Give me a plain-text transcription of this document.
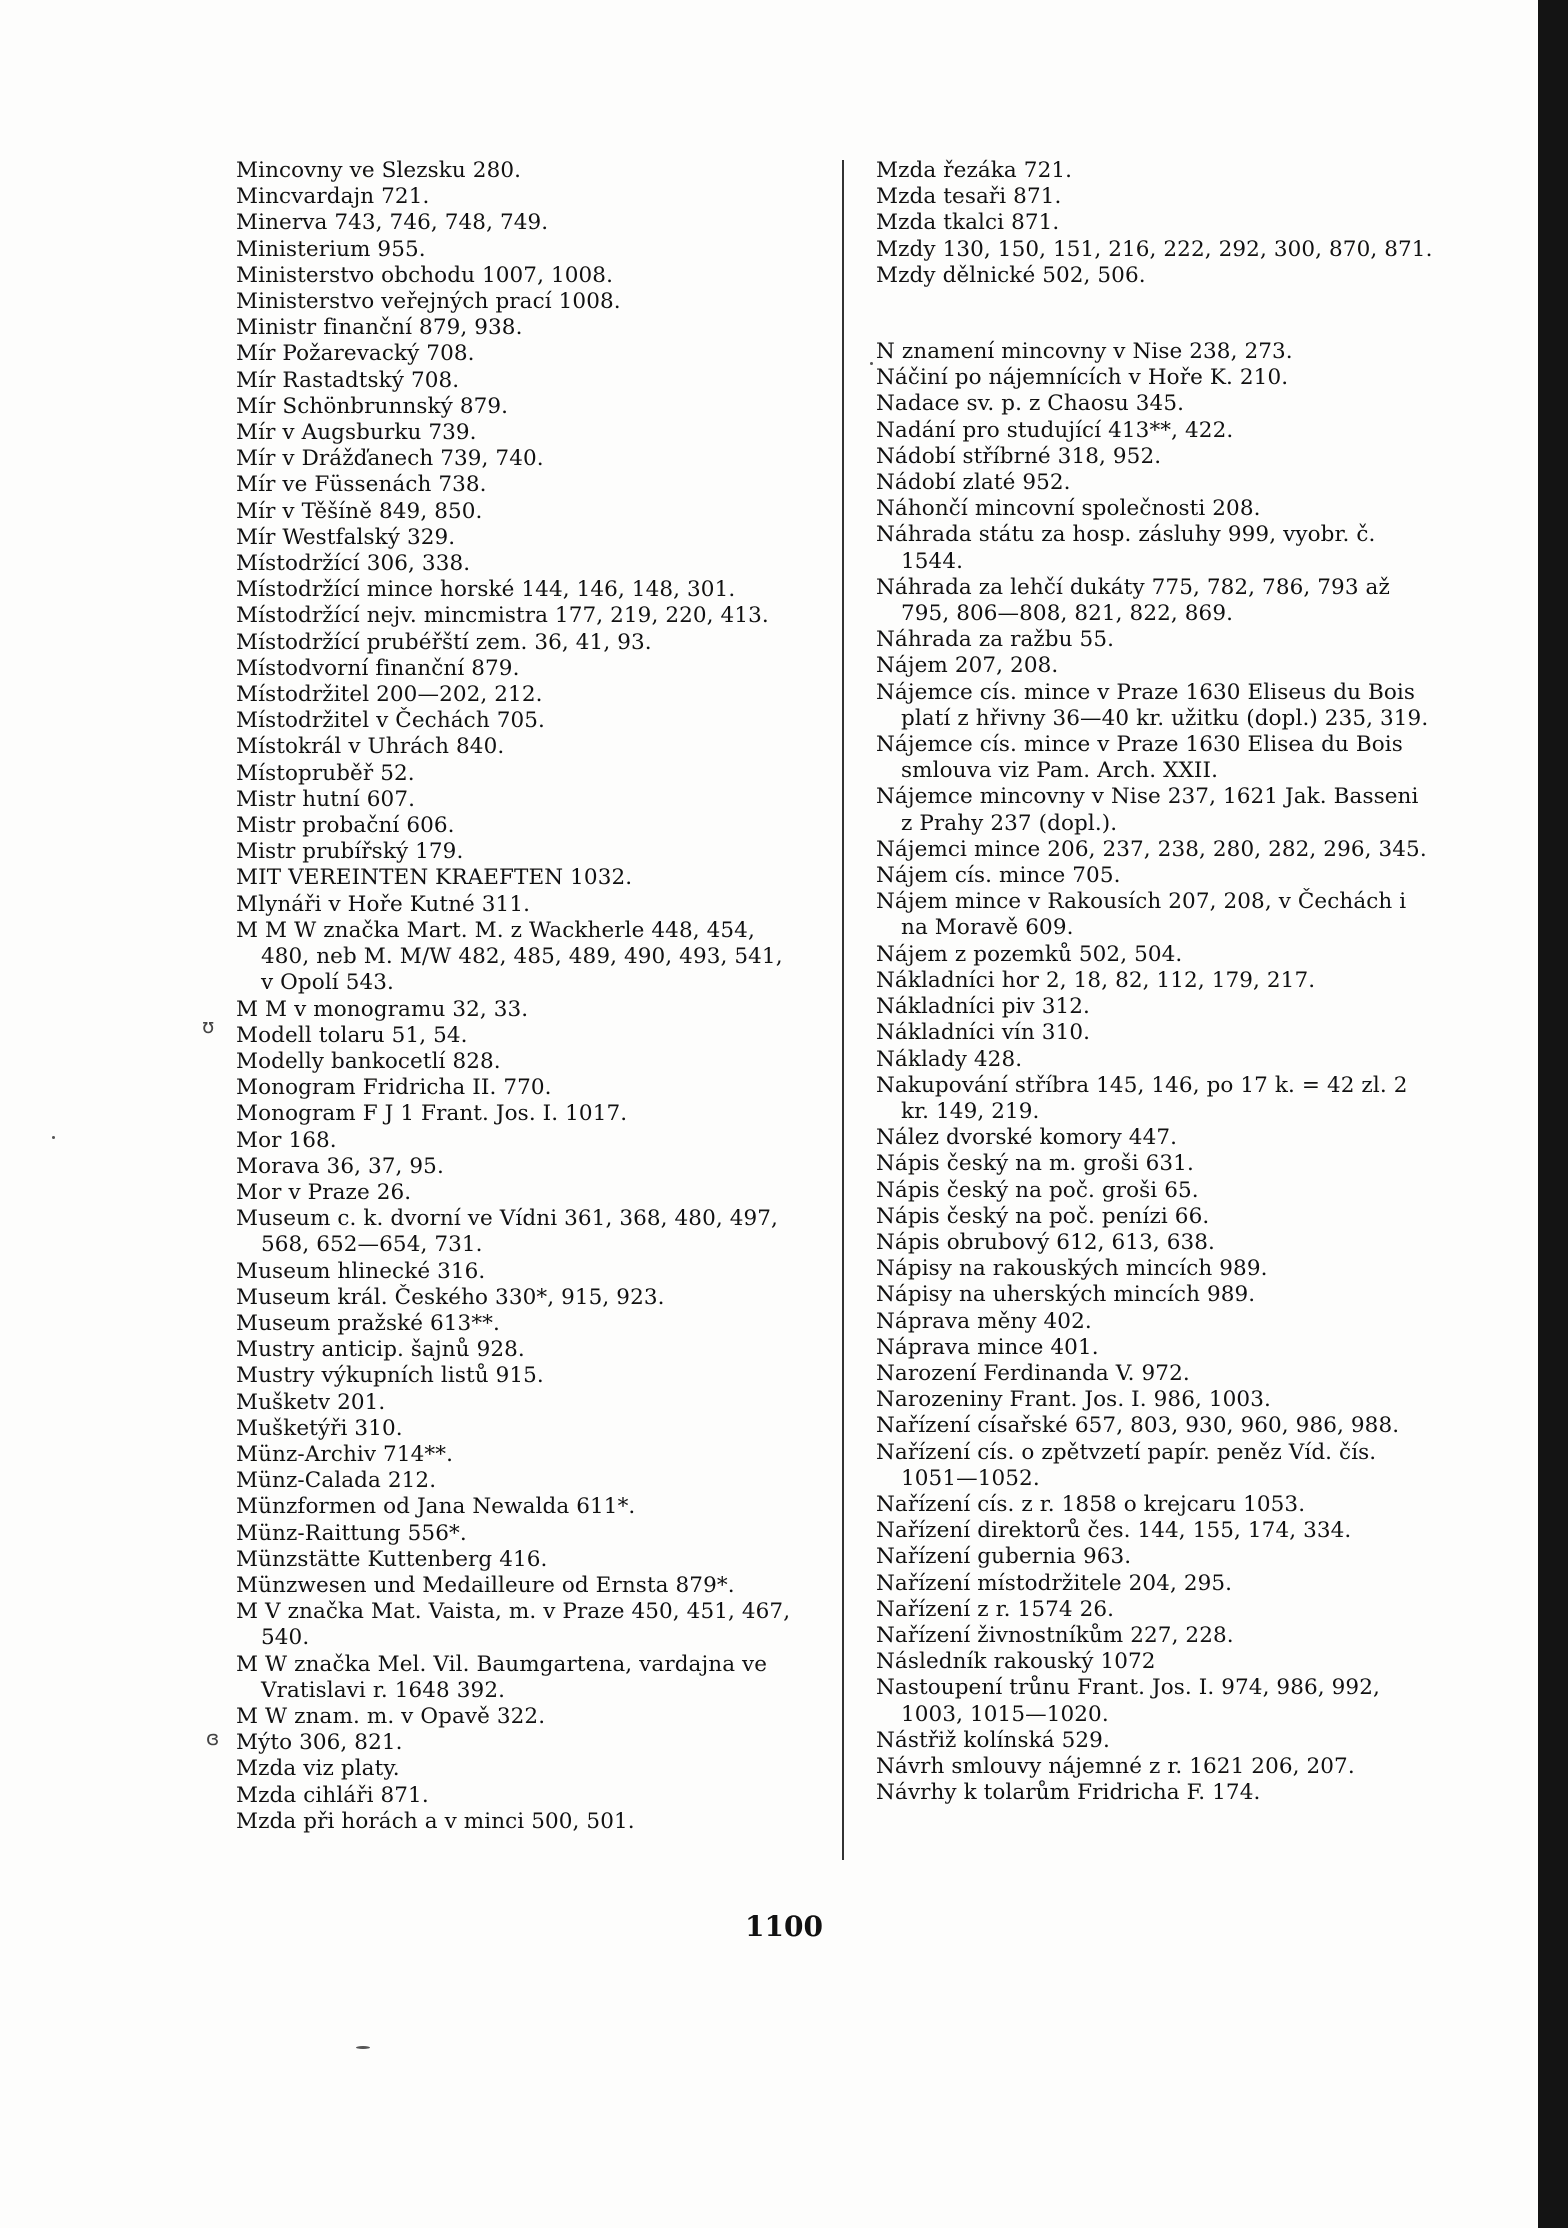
Mincovny ve Slezsku 280.
Mincvardajn 721.
Minerva 743, 746, 748, 749.
Ministerium 955.
Ministerstvo obchodu 1007, 1008.
Ministerstvo veřejných prací 1008.
Ministr finanční 879, 938.
Mír Požarevacký 708.
Mír Rastadtský 708.
Mír Schönbrunnský 879.
Mír v Augsburku 739.
Mír v Drážďanech 739, 740.
Mír ve Füssenách 738.
Mír v Těšíně 849, 850.
Mír Westfalský 329.
Místodržící 306, 338.
Místodržící mince horské 144, 146, 148, 301.
Místodržící nejv. mincmistra 177, 219, 220, 413.
Místodržící prubéřští zem. 36, 41, 93.
Místodvorní finanční 879.
Místodržitel 200—202, 212.
Místodržitel v Čechách 705.
Místokrál v Uhrách 840.
Místopruběř 52.
Mistr hutní 607.
Mistr probační 606.
Mistr prubířský 179.
MIT VEREINTEN KRAEFTEN 1032.
Mlynáři v Hoře Kutné 311.
M M W značka Mart. M. z Wackherle 448, 454, 480, neb M. M/W 482, 485, 489, 490, 493, 541, v Opolí 543.
M M v monogramu 32, 33.
Modell tolaru 51, 54.
Modelly bankocetlí 828.
Monogram Fridricha II. 770.
Monogram F J 1 Frant. Jos. I. 1017.
Mor 168.
Morava 36, 37, 95.
Mor v Praze 26.
Museum c. k. dvorní ve Vídni 361, 368, 480, 497, 568, 652—654, 731.
Museum hlinecké 316.
Museum král. Českého 330*, 915, 923.
Museum pražské 613**.
Mustry anticip. šajnů 928.
Mustry výkupních listů 915.
Mušketv 201.
Mušketýři 310.
Münz-Archiv 714**.
Münz-Calada 212.
Münzformen od Jana Newalda 611*.
Münz-Raittung 556*.
Münzstätte Kuttenberg 416.
Münzwesen und Medailleure od Ernsta 879*.
M V značka Mat. Vaista, m. v Praze 450, 451, 467, 540.
M W značka Mel. Vil. Baumgartena, vardajna ve Vratislavi r. 1648 392.
M W znam. m. v Opavě 322.
Mýto 306, 821.
Mzda viz platy.
Mzda cihláři 871.
Mzda při horách a v minci 500, 501.
Mzda řezáka 721.
Mzda tesaři 871.
Mzda tkalci 871.
Mzdy 130, 150, 151, 216, 222, 292, 300, 870, 871.
Mzdy dělnické 502, 506.
N znamení mincovny v Nise 238, 273.
Náčiní po nájemnících v Hoře K. 210.
Nadace sv. p. z Chaosu 345.
Nadání pro studující 413**, 422.
Nádobí stříbrné 318, 952.
Nádobí zlaté 952.
Náhončí mincovní společnosti 208.
Náhrada státu za hosp. zásluhy 999, vyobr. č. 1544.
Náhrada za lehčí dukáty 775, 782, 786, 793 až 795, 806—808, 821, 822, 869.
Náhrada za ražbu 55.
Nájem 207, 208.
Nájemce cís. mince v Praze 1630 Eliseus du Bois platí z hřivny 36—40 kr. užitku (dopl.) 235, 319.
Nájemce cís. mince v Praze 1630 Elisea du Bois smlouva viz Pam. Arch. XXII.
Nájemce mincovny v Nise 237, 1621 Jak. Basseni z Prahy 237 (dopl.).
Nájemci mince 206, 237, 238, 280, 282, 296, 345.
Nájem cís. mince 705.
Nájem mince v Rakousích 207, 208, v Čechách i na Moravě 609.
Nájem z pozemků 502, 504.
Nákladníci hor 2, 18, 82, 112, 179, 217.
Nákladníci piv 312.
Nákladníci vín 310.
Náklady 428.
Nakupování stříbra 145, 146, po 17 k. = 42 zl. 2 kr. 149, 219.
Nález dvorské komory 447.
Nápis český na m. groši 631.
Nápis český na poč. groši 65.
Nápis český na poč. penízi 66.
Nápis obrubový 612, 613, 638.
Nápisy na rakouských mincích 989.
Nápisy na uherských mincích 989.
Náprava měny 402.
Náprava mince 401.
Narození Ferdinanda V. 972.
Narozeniny Frant. Jos. I. 986, 1003.
Nařízení císařské 657, 803, 930, 960, 986, 988.
Nařízení cís. o zpětvzetí papír. peněz Víd. čís. 1051—1052.
Nařízení cís. z r. 1858 o krejcaru 1053.
Nařízení direktorů čes. 144, 155, 174, 334.
Nařízení gubernia 963.
Nařízení místodržitele 204, 295.
Nařízení z r. 1574 26.
Nařízení živnostníkům 227, 228.
Následník rakouský 1072
Nastoupení trůnu Frant. Jos. I. 974, 986, 992, 1003, 1015—1020.
Nástřiž kolínská 529.
Návrh smlouvy nájemné z r. 1621 206, 207.
Návrhy k tolarům Fridricha F. 174.
1100
ʊ
ɞ
